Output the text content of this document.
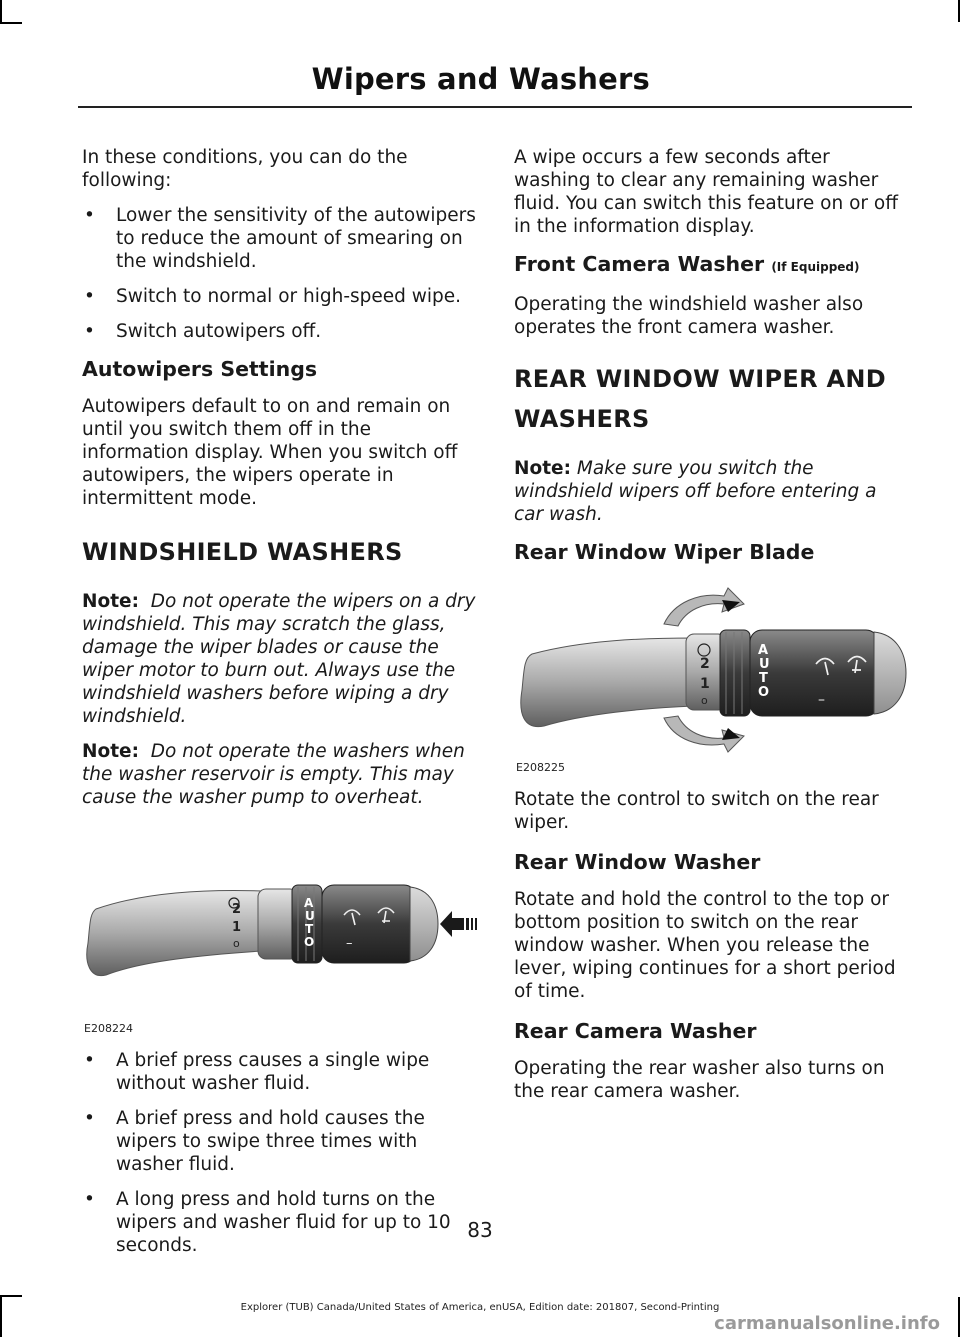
Wipers and Washers

In these conditions, you can do the following:

• Lower the sensitivity of the autowipers to reduce the amount of smearing on the windshield.
• Switch to normal or high-speed wipe.
• Switch autowipers off.
Autowipers Settings

Autowipers default to on and remain on until you switch them off in the information display. When you switch off autowipers, the wipers operate in intermittent mode.

WINDSHIELD WASHERS

Note: Do not operate the wipers on a dry windshield. This may scratch the glass, damage the wiper blades or cause the wiper motor to burn out. Always use the windshield washers before wiping a dry windshield.

Note: Do not operate the washers when the washer reservoir is empty. This may cause the washer pump to overheat.

2
1
o
A
U
T
O –
E208224
• A brief press causes a single wipe without washer fluid.
• A brief press and hold causes the wipers to swipe three times with washer fluid.
• A long press and hold turns on the wipers and washer fluid for up to 10 seconds.

A wipe occurs a few seconds after washing to clear any remaining washer fluid. You can switch this feature on or off in the information display.

Front Camera Washer (If Equipped)

Operating the windshield washer also operates the front camera washer.

REAR WINDOW WIPER AND WASHERS

Note: Make sure you switch the windshield wipers off before entering a car wash.

Rear Window Wiper Blade
2
1
o
A
U
T
O	–
E208225

Rotate the control to switch on the rear wiper.

Rear Window Washer

Rotate and hold the control to the top or bottom position to switch on the rear window washer. When you release the lever, wiping continues for a short period of time.

Rear Camera Washer

Operating the rear washer also turns on the rear camera washer.

83
Explorer (TUB) Canada/United States of America, enUSA, Edition date: 201807, Second-Printing
carmanualsonline.info
